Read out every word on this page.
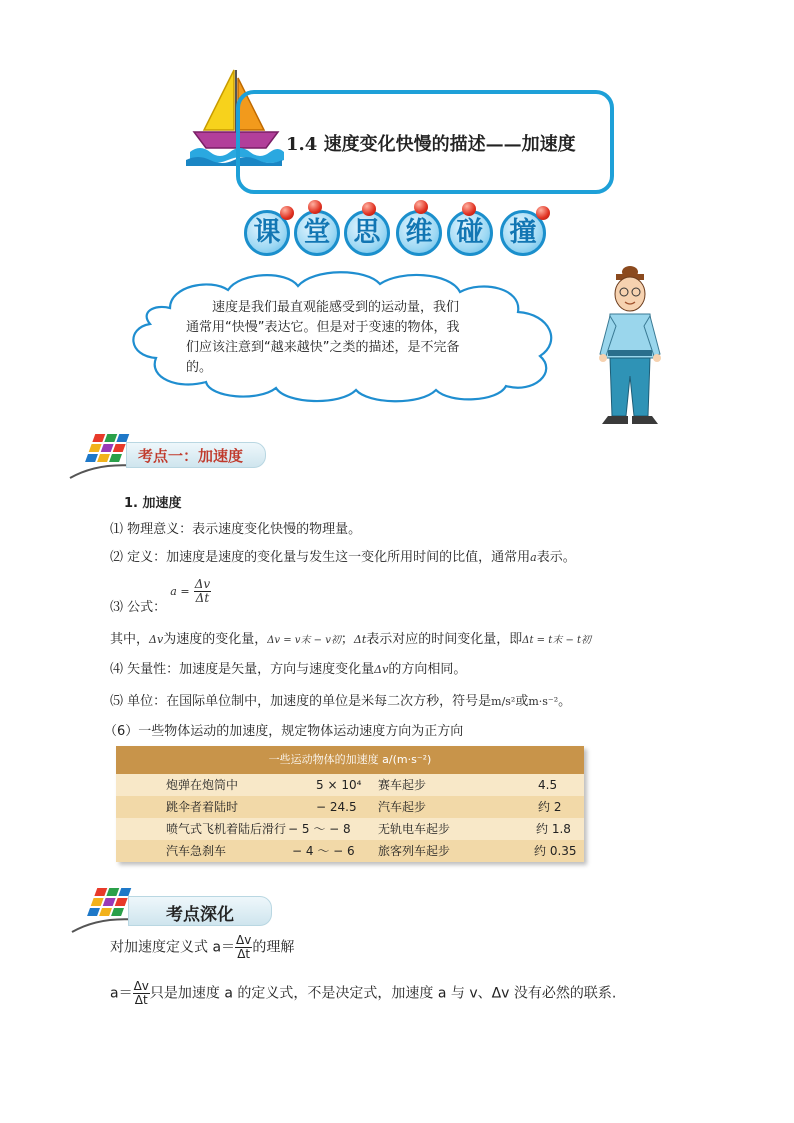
1.4 速度变化快慢的描述——加速度
课 堂 思 维 碰 撞
速度是我们最直观能感受到的运动量，我们通常用“快慢”表达它。但是对于变速的物体，我们应该注意到“越来越快”之类的描述，是不完备的。
考点一：加速度
1. 加速度
⑴ 物理意义：表示速度变化快慢的物理量。
⑵ 定义：加速度是速度的变化量与发生这一变化所用时间的比值，通常用a表示。
⑶ 公式： $_{a =} \frac{\Delta v}{\Delta t}$
其中，Δv为速度的变化量，Δv = v末 − v初；Δt表示对应的时间变化量，即Δt = t末 − t初
⑷ 矢量性：加速度是矢量，方向与速度变化量Δv的方向相同。
⑸ 单位：在国际单位制中，加速度的单位是米每二次方秒，符号是m/s²或m·s⁻²。
（6）一些物体运动的加速度，规定物体运动速度方向为正方向
一些运动物体的加速度 a/(m·s⁻²)
炮弹在炮筒中	5 × 10⁴ 赛车起步	4.5
跳伞者着陆时	− 24.5 汽车起步	约 2
喷气式飞机着陆后滑行 − 5 ～ − 8 无轨电车起步	约 1.8
汽车急刹车	− 4 ～ − 6 旅客列车起步	约 0.35
考点深化
对加速度定义式 $a= \frac{\Delta v}{\Delta t}$ 的理解
$a= \frac{\Delta v}{\Delta t}$ 只是加速度 a 的定义式，不是决定式，加速度 a 与 v、Δv 没有必然的联系.
